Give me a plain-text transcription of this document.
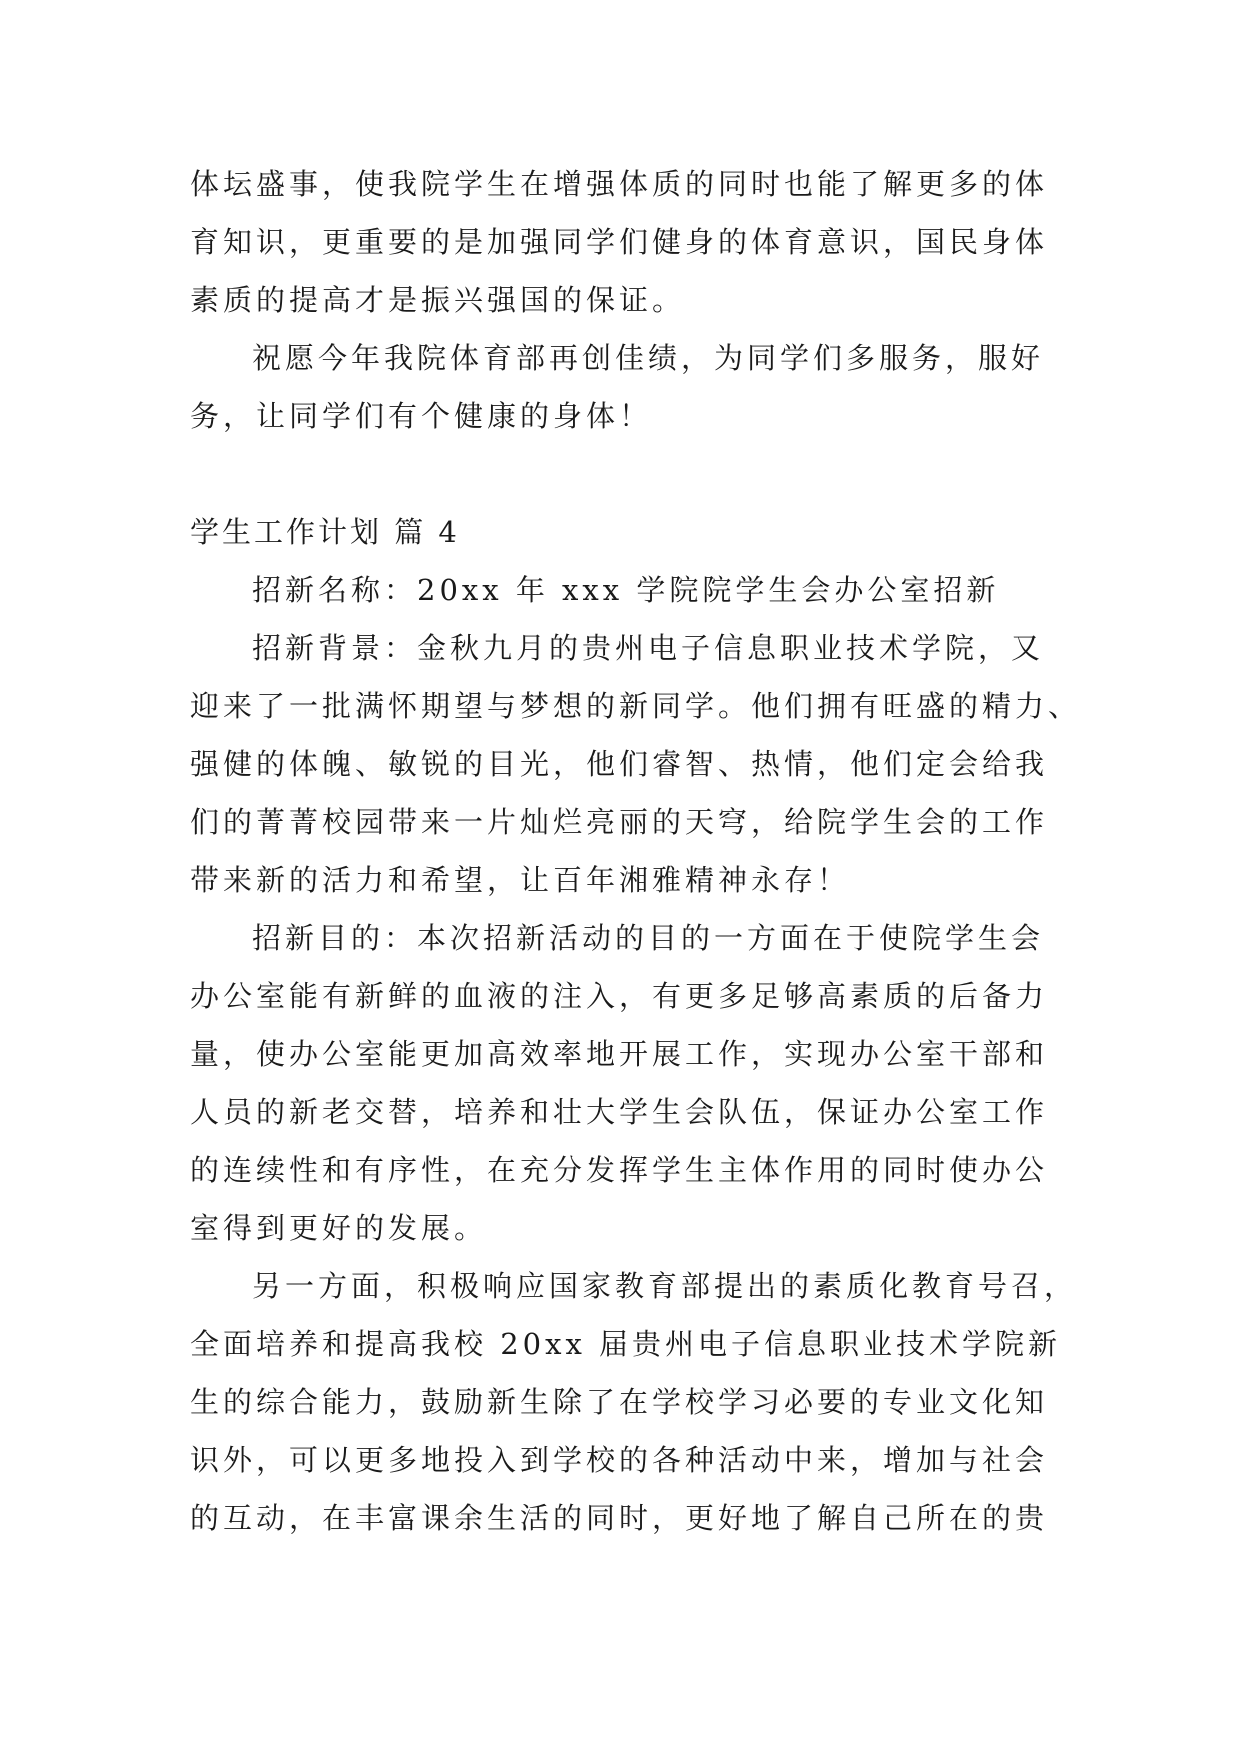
体坛盛事，使我院学生在增强体质的同时也能了解更多的体
育知识，更重要的是加强同学们健身的体育意识，国民身体
素质的提高才是振兴强国的保证。
祝愿今年我院体育部再创佳绩，为同学们多服务，服好
务，让同学们有个健康的身体！
学生工作计划 篇 4
招新名称：20xx 年 xxx 学院院学生会办公室招新
招新背景：金秋九月的贵州电子信息职业技术学院，又
迎来了一批满怀期望与梦想的新同学。他们拥有旺盛的精力、
强健的体魄、敏锐的目光，他们睿智、热情，他们定会给我
们的菁菁校园带来一片灿烂亮丽的天穹，给院学生会的工作
带来新的活力和希望，让百年湘雅精神永存！
招新目的：本次招新活动的目的一方面在于使院学生会
办公室能有新鲜的血液的注入，有更多足够高素质的后备力
量，使办公室能更加高效率地开展工作，实现办公室干部和
人员的新老交替，培养和壮大学生会队伍，保证办公室工作
的连续性和有序性，在充分发挥学生主体作用的同时使办公
室得到更好的发展。
另一方面，积极响应国家教育部提出的素质化教育号召，
全面培养和提高我校 20xx 届贵州电子信息职业技术学院新
生的综合能力，鼓励新生除了在学校学习必要的专业文化知
识外，可以更多地投入到学校的各种活动中来，增加与社会
的互动，在丰富课余生活的同时，更好地了解自己所在的贵
